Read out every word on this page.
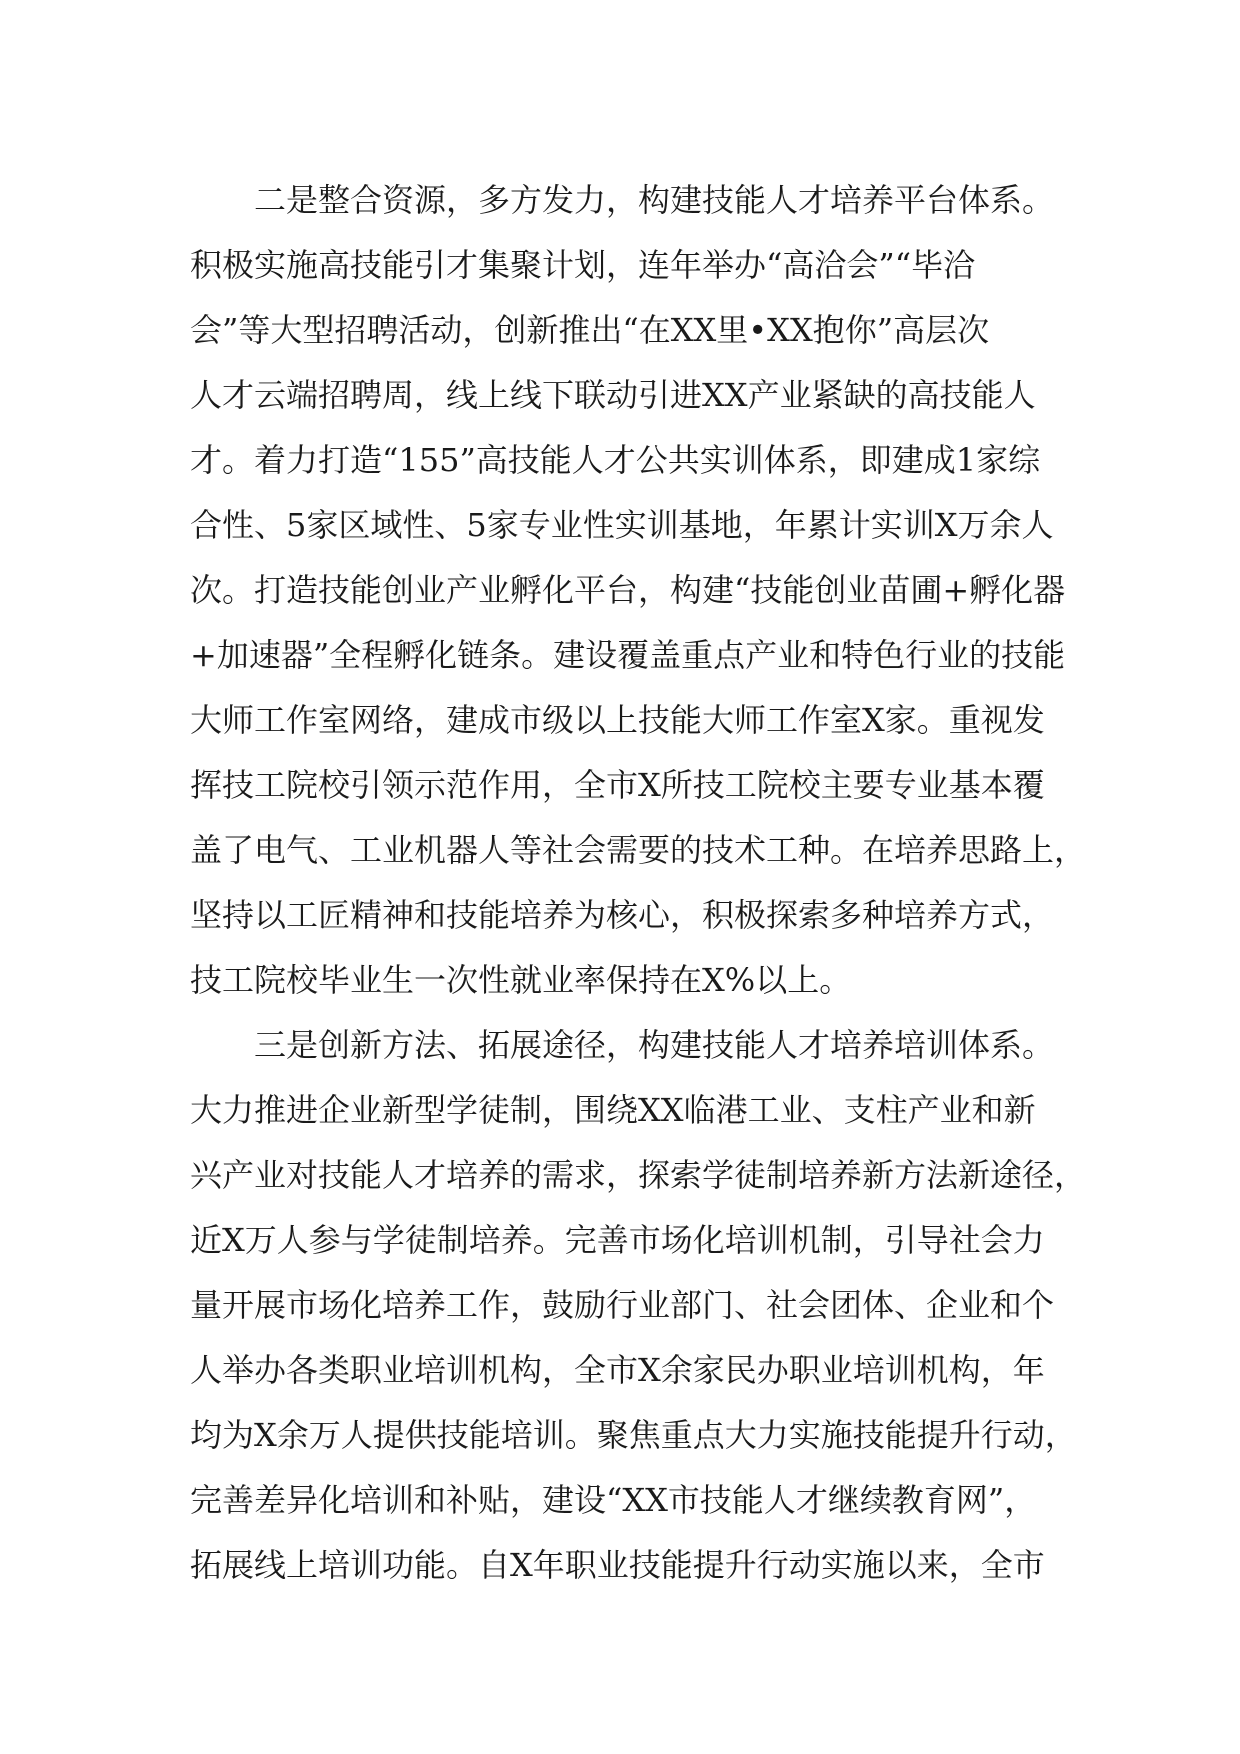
二是整合资源，多方发力，构建技能人才培养平台体系。
积极实施高技能引才集聚计划，连年举办“高洽会”“毕洽
会”等大型招聘活动，创新推出“在XX里•XX抱你”高层次
人才云端招聘周，线上线下联动引进XX产业紧缺的高技能人
才。着力打造“155”高技能人才公共实训体系，即建成1家综
合性、5家区域性、5家专业性实训基地，年累计实训X万余人
次。打造技能创业产业孵化平台，构建“技能创业苗圃+孵化器
+加速器”全程孵化链条。建设覆盖重点产业和特色行业的技能
大师工作室网络，建成市级以上技能大师工作室X家。重视发
挥技工院校引领示范作用，全市X所技工院校主要专业基本覆
盖了电气、工业机器人等社会需要的技术工种。在培养思路上，
坚持以工匠精神和技能培养为核心，积极探索多种培养方式，
技工院校毕业生一次性就业率保持在X%以上。
三是创新方法、拓展途径，构建技能人才培养培训体系。
大力推进企业新型学徒制，围绕XX临港工业、支柱产业和新
兴产业对技能人才培养的需求，探索学徒制培养新方法新途径，
近X万人参与学徒制培养。完善市场化培训机制，引导社会力
量开展市场化培养工作，鼓励行业部门、社会团体、企业和个
人举办各类职业培训机构，全市X余家民办职业培训机构，年
均为X余万人提供技能培训。聚焦重点大力实施技能提升行动，
完善差异化培训和补贴，建设“XX市技能人才继续教育网”，
拓展线上培训功能。自X年职业技能提升行动实施以来，全市
